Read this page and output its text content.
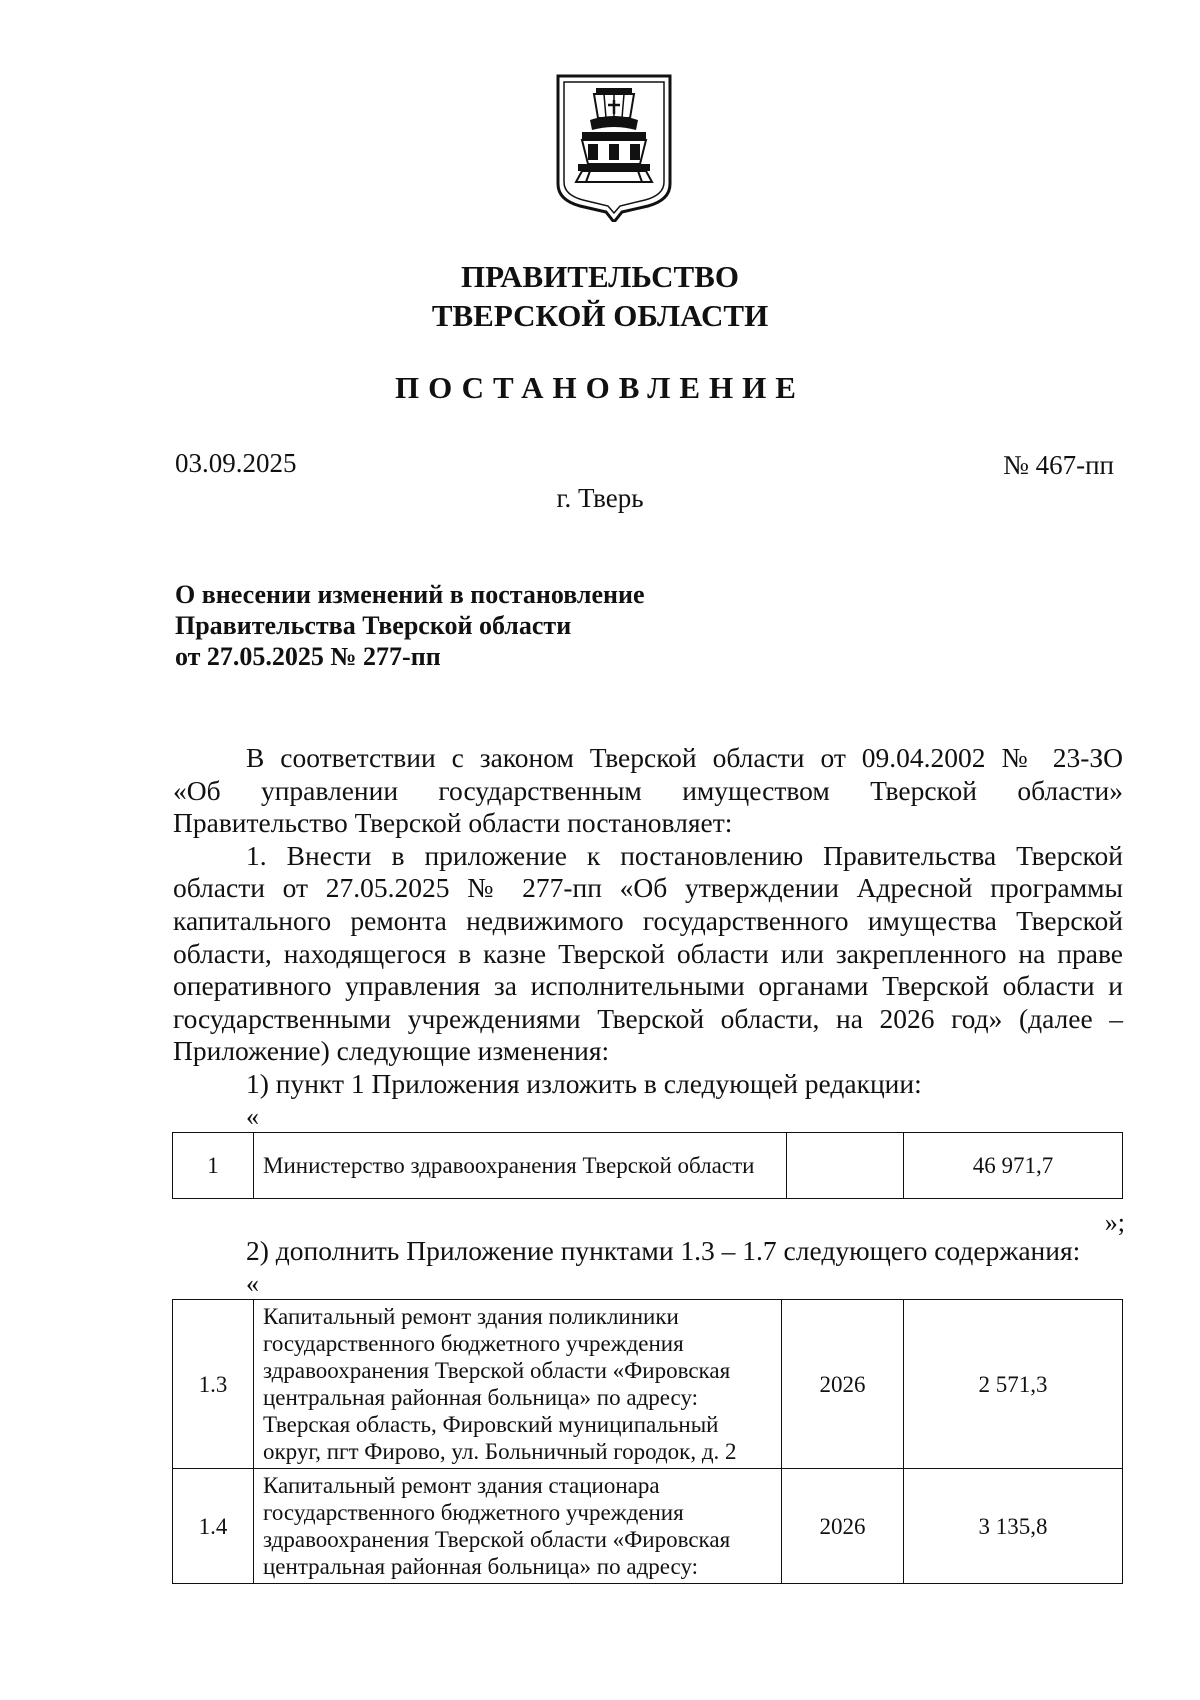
ПРАВИТЕЛЬСТВО
ТВЕРСКОЙ ОБЛАСТИ
ПОСТАНОВЛЕНИЕ
03.09.2025	№ 467-пп
г. Тверь
О внесении изменений в постановление
Правительства Тверской области
от 27.05.2025 № 277-пп

В соответствии с законом Тверской области от 09.04.2002 № 23-ЗО

«Об управлении государственным имуществом Тверской области»

Правительство Тверской области постановляет:

1. Внести в приложение к постановлению Правительства Тверской области от 27.05.2025 № 277-пп «Об утверждении Адресной программы капитального ремонта недвижимого государственного имущества Тверской области, находящегося в казне Тверской области или закрепленного на праве оперативного управления за исполнительными органами Тверской области и государственными учреждениями Тверской области, на 2026 год» (далее – Приложение) следующие изменения:

1) пункт 1 Приложения изложить в следующей редакции:

«

1	Министерство здравоохранения Тверской области		46 971,7
»;

2) дополнить Приложение пунктами 1.3 – 1.7 следующего содержания:

«

1.3	Капитальный ремонт здания поликлиники государственного бюджетного учреждения здравоохранения Тверской области «Фировская центральная районная больница» по адресу: Тверская область, Фировский муниципальный округ, пгт Фирово, ул. Больничный городок, д. 2	2026	2 571,3
1.4	Капитальный ремонт здания стационара государственного бюджетного учреждения здравоохранения Тверской области «Фировская центральная районная больница» по адресу:	2026	3 135,8
